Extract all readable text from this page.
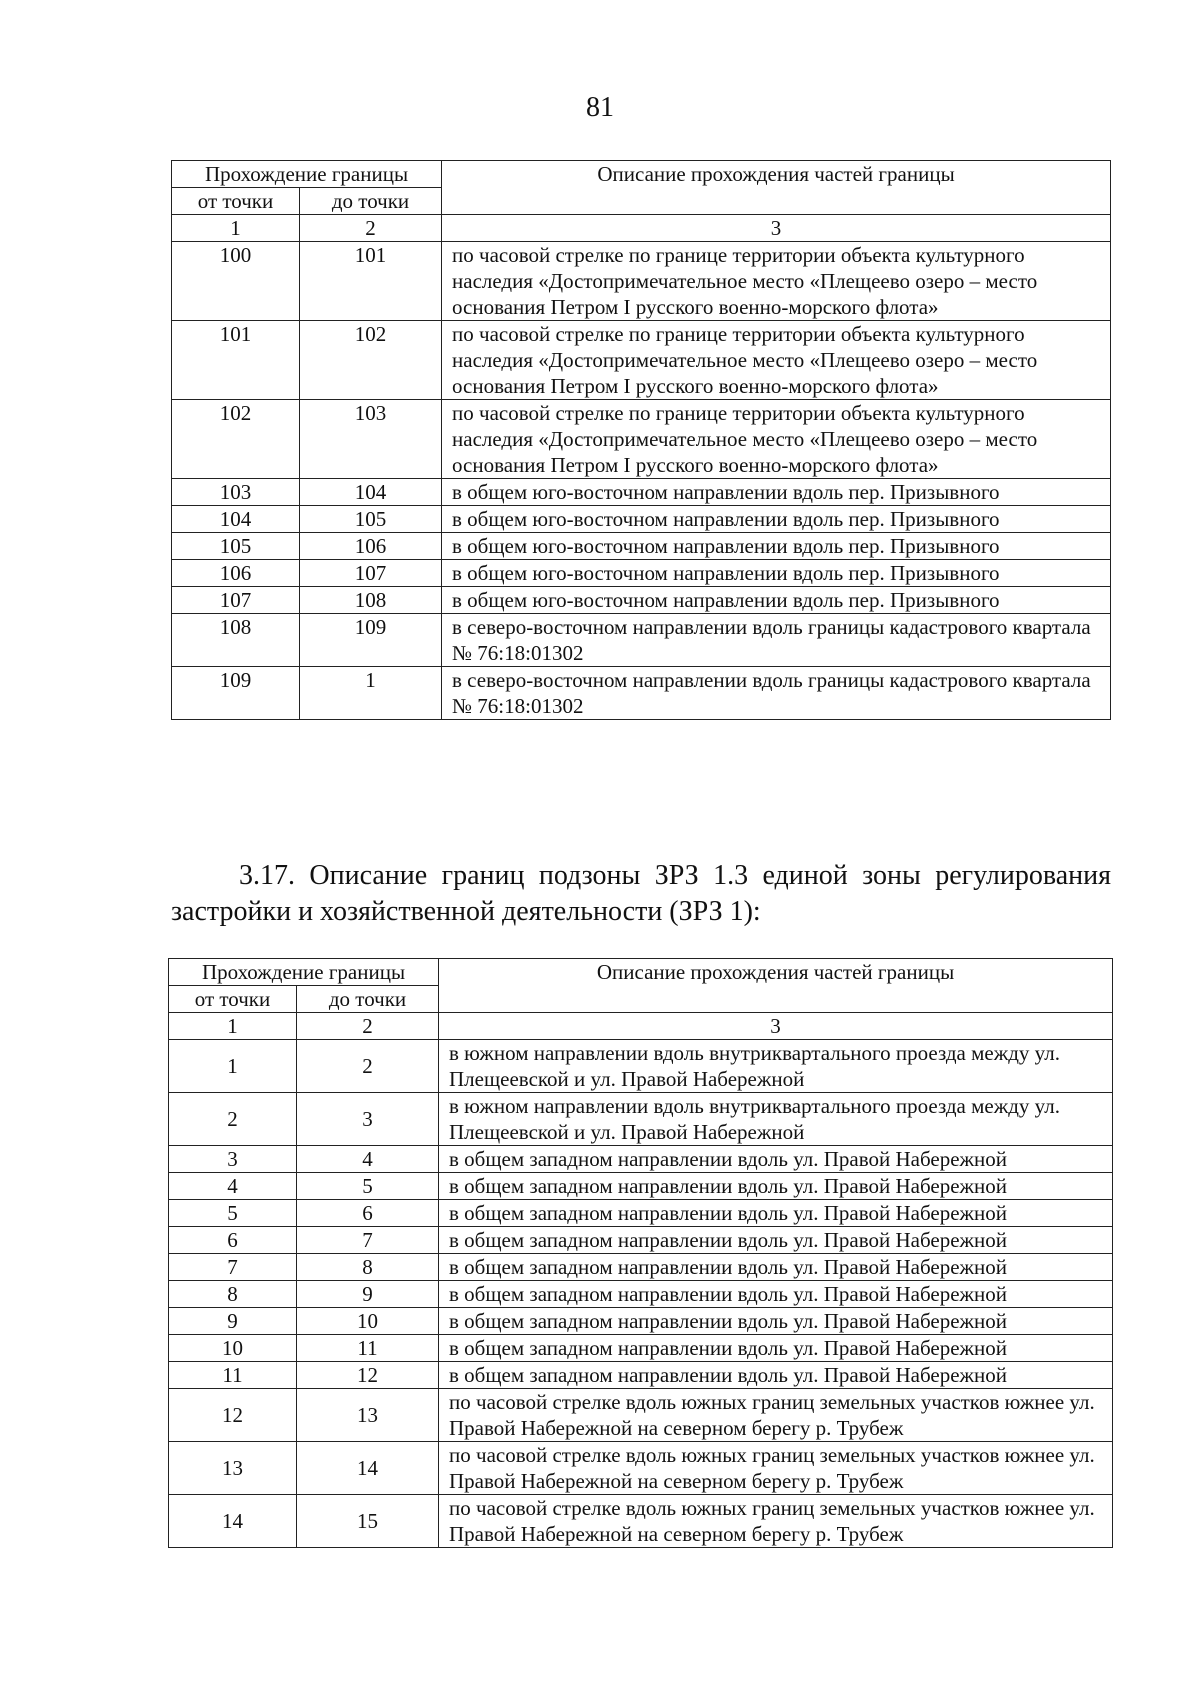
81
Прохождение границы		Описание прохождения частей границы
от точки	до точки	
1	2	3
100	101	по часовой стрелке по границе территории объекта культурного наследия «Достопримечательное место «Плещеево озеро – место основания Петром I русского военно-морского флота»
101	102	по часовой стрелке по границе территории объекта культурного наследия «Достопримечательное место «Плещеево озеро – место основания Петром I русского военно-морского флота»
102	103	по часовой стрелке по границе территории объекта культурного наследия «Достопримечательное место «Плещеево озеро – место основания Петром I русского военно-морского флота»
103	104	в общем юго-восточном направлении вдоль пер. Призывного
104	105	в общем юго-восточном направлении вдоль пер. Призывного
105	106	в общем юго-восточном направлении вдоль пер. Призывного
106	107	в общем юго-восточном направлении вдоль пер. Призывного
107	108	в общем юго-восточном направлении вдоль пер. Призывного
108	109	в северо-восточном направлении вдоль границы кадастрового квартала № 76:18:01302
109	1	в северо-восточном направлении вдоль границы кадастрового квартала № 76:18:01302
3.17. Описание границ подзоны ЗРЗ 1.3 единой зоны регулирования застройки и хозяйственной деятельности (ЗРЗ 1):
Прохождение границы		Описание прохождения частей границы
от точки	до точки	
1	2	3
1	2	в южном направлении вдоль внутриквартального проезда между ул. Плещеевской и ул. Правой Набережной
2	3	в южном направлении вдоль внутриквартального проезда между ул. Плещеевской и ул. Правой Набережной
3	4	в общем западном направлении вдоль ул. Правой Набережной
4	5	в общем западном направлении вдоль ул. Правой Набережной
5	6	в общем западном направлении вдоль ул. Правой Набережной
6	7	в общем западном направлении вдоль ул. Правой Набережной
7	8	в общем западном направлении вдоль ул. Правой Набережной
8	9	в общем западном направлении вдоль ул. Правой Набережной
9	10	в общем западном направлении вдоль ул. Правой Набережной
10	11	в общем западном направлении вдоль ул. Правой Набережной
11	12	в общем западном направлении вдоль ул. Правой Набережной
12	13	по часовой стрелке вдоль южных границ земельных участков южнее ул. Правой Набережной на северном берегу р. Трубеж
13	14	по часовой стрелке вдоль южных границ земельных участков южнее ул. Правой Набережной на северном берегу р. Трубеж
14	15	по часовой стрелке вдоль южных границ земельных участков южнее ул. Правой Набережной на северном берегу р. Трубеж
